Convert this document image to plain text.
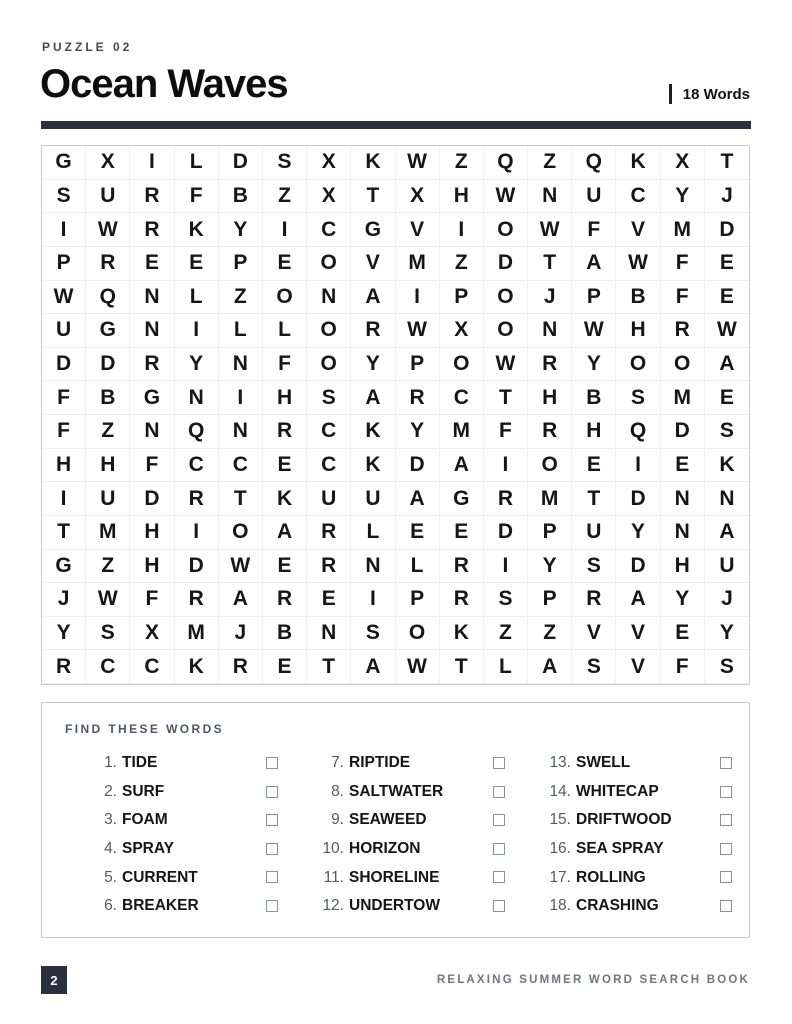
PUZZLE 02
Ocean Waves	18 Words
G	X	I	L	D	S	X	K	W	Z	Q	Z	Q	K	X	T
S	U	R	F	B	Z	X	T	X	H	W	N	U	C	Y	J
I	W	R	K	Y	I	C	G	V	I	O	W	F	V	M	D
P	R	E	E	P	E	O	V	M	Z	D	T	A	W	F	E
W	Q	N	L	Z	O	N	A	I	P	O	J	P	B	F	E
U	G	N	I	L	L	O	R	W	X	O	N	W	H	R	W
D	D	R	Y	N	F	O	Y	P	O	W	R	Y	O	O	A
F	B	G	N	I	H	S	A	R	C	T	H	B	S	M	E
F	Z	N	Q	N	R	C	K	Y	M	F	R	H	Q	D	S
H	H	F	C	C	E	C	K	D	A	I	O	E	I	E	K
I	U	D	R	T	K	U	U	A	G	R	M	T	D	N	N
T	M	H	I	O	A	R	L	E	E	D	P	U	Y	N	A
G	Z	H	D	W	E	R	N	L	R	I	Y	S	D	H	U
J	W	F	R	A	R	E	I	P	R	S	P	R	A	Y	J
Y	S	X	M	J	B	N	S	O	K	Z	Z	V	V	E	Y
R	C	C	K	R	E	T	A	W	T	L	A	S	V	F	S
FIND THESE WORDS
1. TIDE
2. SURF
3. FOAM
4. SPRAY
5. CURRENT
6. BREAKER
7. RIPTIDE
8. SALTWATER
9. SEAWEED
10. HORIZON
11. SHORELINE
12. UNDERTOW
13. SWELL
14. WHITECAP
15. DRIFTWOOD
16. SEA SPRAY
17. ROLLING
18. CRASHING
2	RELAXING SUMMER WORD SEARCH BOOK
